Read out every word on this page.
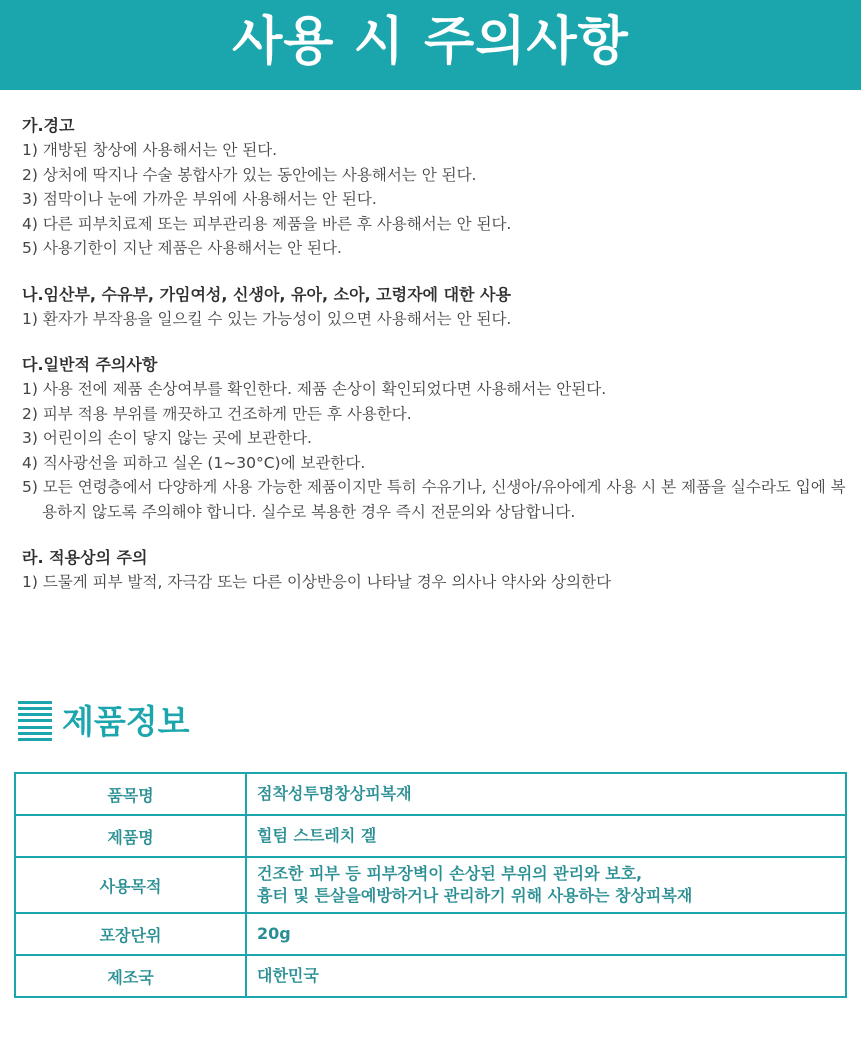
사용 시 주의사항
가.경고
1) 개방된 창상에 사용해서는 안 된다.
2) 상처에 딱지나 수술 봉합사가 있는 동안에는 사용해서는 안 된다.
3) 점막이나 눈에 가까운 부위에 사용해서는 안 된다.
4) 다른 피부치료제 또는 피부관리용 제품을 바른 후 사용해서는 안 된다.
5) 사용기한이 지난 제품은 사용해서는 안 된다.
나.임산부, 수유부, 가임여성, 신생아, 유아, 소아, 고령자에 대한 사용
1) 환자가 부작용을 일으킬 수 있는 가능성이 있으면 사용해서는 안 된다.
다.일반적 주의사항
1) 사용 전에 제품 손상여부를 확인한다. 제품 손상이 확인되었다면 사용해서는 안된다.
2) 피부 적용 부위를 깨끗하고 건조하게 만든 후 사용한다.
3) 어린이의 손이 닿지 않는 곳에 보관한다.
4) 직사광선을 피하고 실온 (1~30°C)에 보관한다.
5) 모든 연령층에서 다양하게 사용 가능한 제품이지만 특히 수유기나, 신생아/유아에게 사용 시 본 제품을 실수라도 입에 복용하지 않도록 주의해야 합니다. 실수로 복용한 경우 즉시 전문의와 상담합니다.
라. 적용상의 주의
1) 드물게 피부 발적, 자극감 또는 다른 이상반응이 나타날 경우 의사나 약사와 상의한다
제품정보
품목명	점착성투명창상피복재

제품명	힐텀 스트레치 겔

사용목적	건조한 피부 등 피부장벽이 손상된 부위의 관리와 보호,
흉터 및 튼살을예방하거나 관리하기 위해 사용하는 창상피복재

포장단위	20g

제조국	대한민국
